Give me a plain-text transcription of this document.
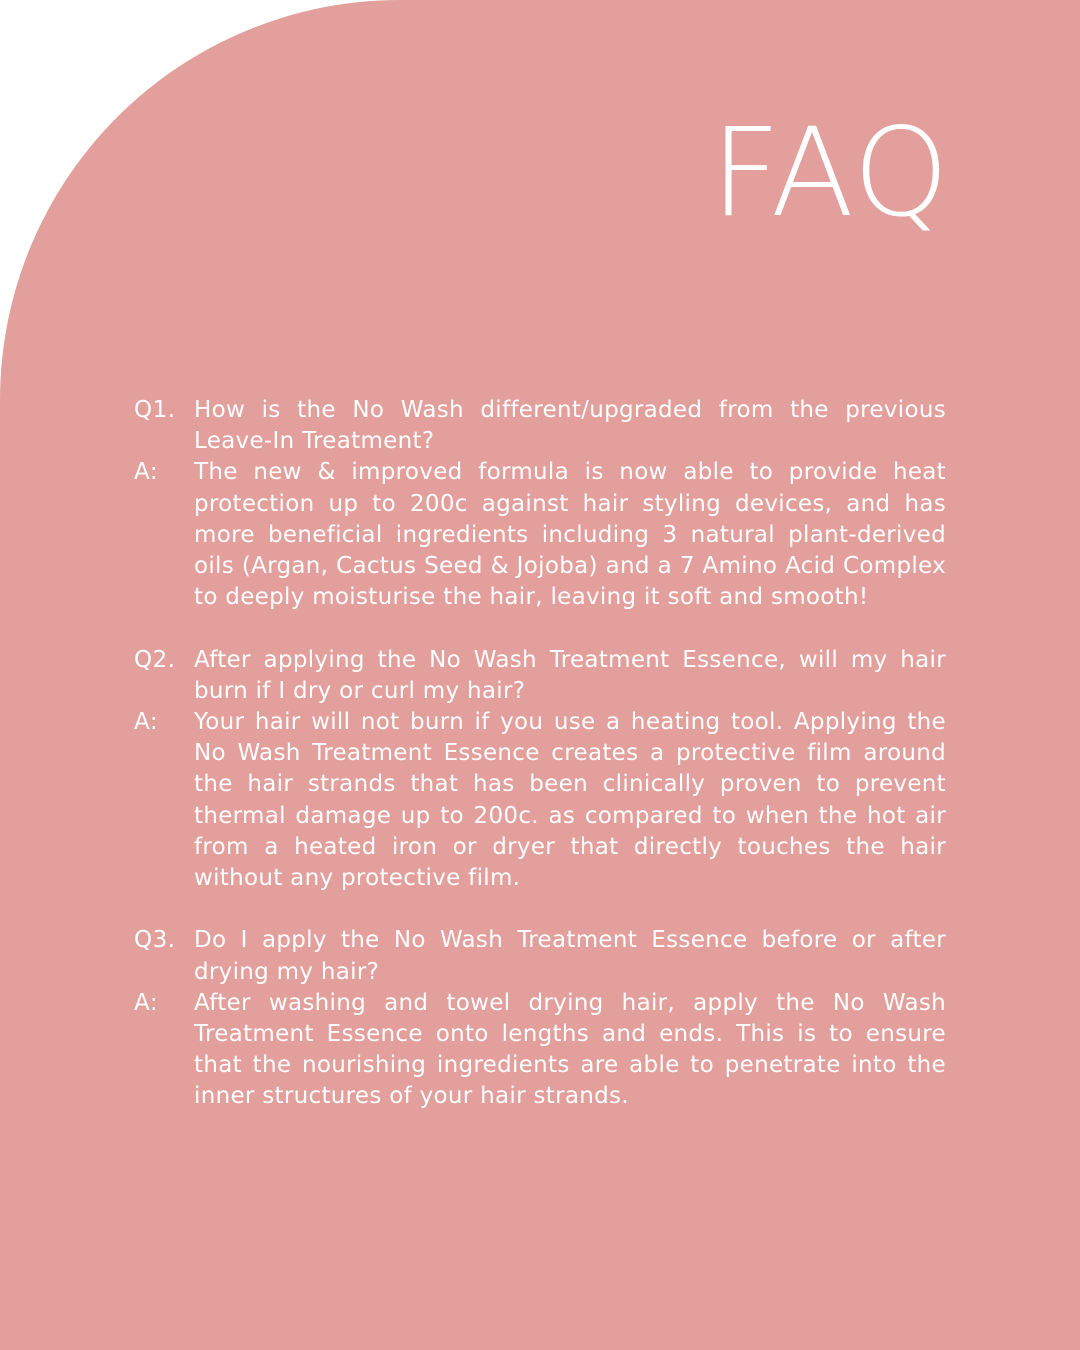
FAQ
Q1. How is the No Wash different/upgraded from the previous Leave-In Treatment?
A:	The new & improved formula is now able to provide heat protection up to 200c against hair styling devices, and has more beneficial ingredients including 3 natural plant-derived oils (Argan, Cactus Seed & Jojoba) and a 7 Amino Acid Complex to deeply moisturise the hair, leaving it soft and smooth!
Q2. After applying the No Wash Treatment Essence, will my hair burn if I dry or curl my hair?
A:	Your hair will not burn if you use a heating tool. Applying the No Wash Treatment Essence creates a protective film around the hair strands that has been clinically proven to prevent thermal damage up to 200c. as compared to when the hot air from a heated iron or dryer that directly touches the hair without any protective film.
Q3. Do I apply the No Wash Treatment Essence before or after drying my hair?
A:	After washing and towel drying hair, apply the No Wash Treatment Essence onto lengths and ends. This is to ensure that the nourishing ingredients are able to penetrate into the inner structures of your hair strands.
